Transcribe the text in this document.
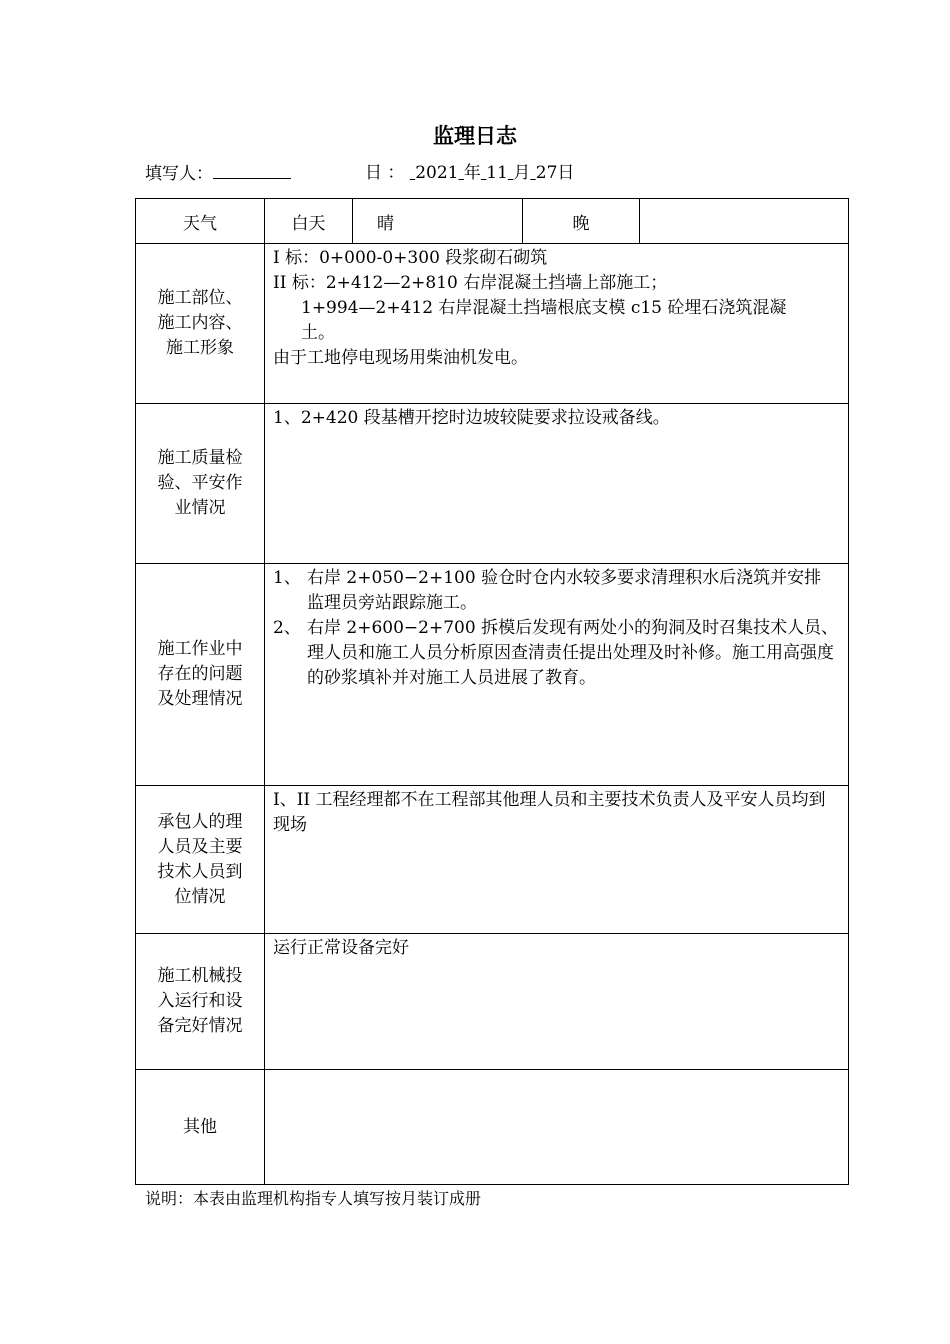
监理日志
填写人：	日 ： 2021 年 11 月 27日
天气	白天	晴	晚	
施工部位、施工内容、施工形象	I 标：0+000-0+300 段浆砌石砌筑

II 标：2+412—2+810 右岸混凝土挡墙上部施工；

1+994—2+412 右岸混凝土挡墙根底支模 c15 砼埋石浇筑混凝土。

由于工地停电现场用柴油机发电。			

施工质量检验、平安作业情况	1、2+420 段基槽开挖时边坡较陡要求拉设戒备线。			

施工作业中存在的问题及处理情况	1、 右岸 2+050−2+100 验仓时仓内水较多要求清理积水后浇筑并安排监理员旁站跟踪施工。
2、 右岸 2+600−2+700 拆模后发现有两处小的狗洞及时召集技术人员、理人员和施工人员分析原因查清责任提出处理及时补修。施工用高强度的砂浆填补并对施工人员进展了教育。			

承包人的理人员及主要技术人员到位情况	I、II 工程经理都不在工程部其他理人员和主要技术负责人及平安人员均到现场			

施工机械投入运行和设备完好情况	运行正常设备完好			

其他				
说明：本表由监理机构指专人填写按月装订成册
